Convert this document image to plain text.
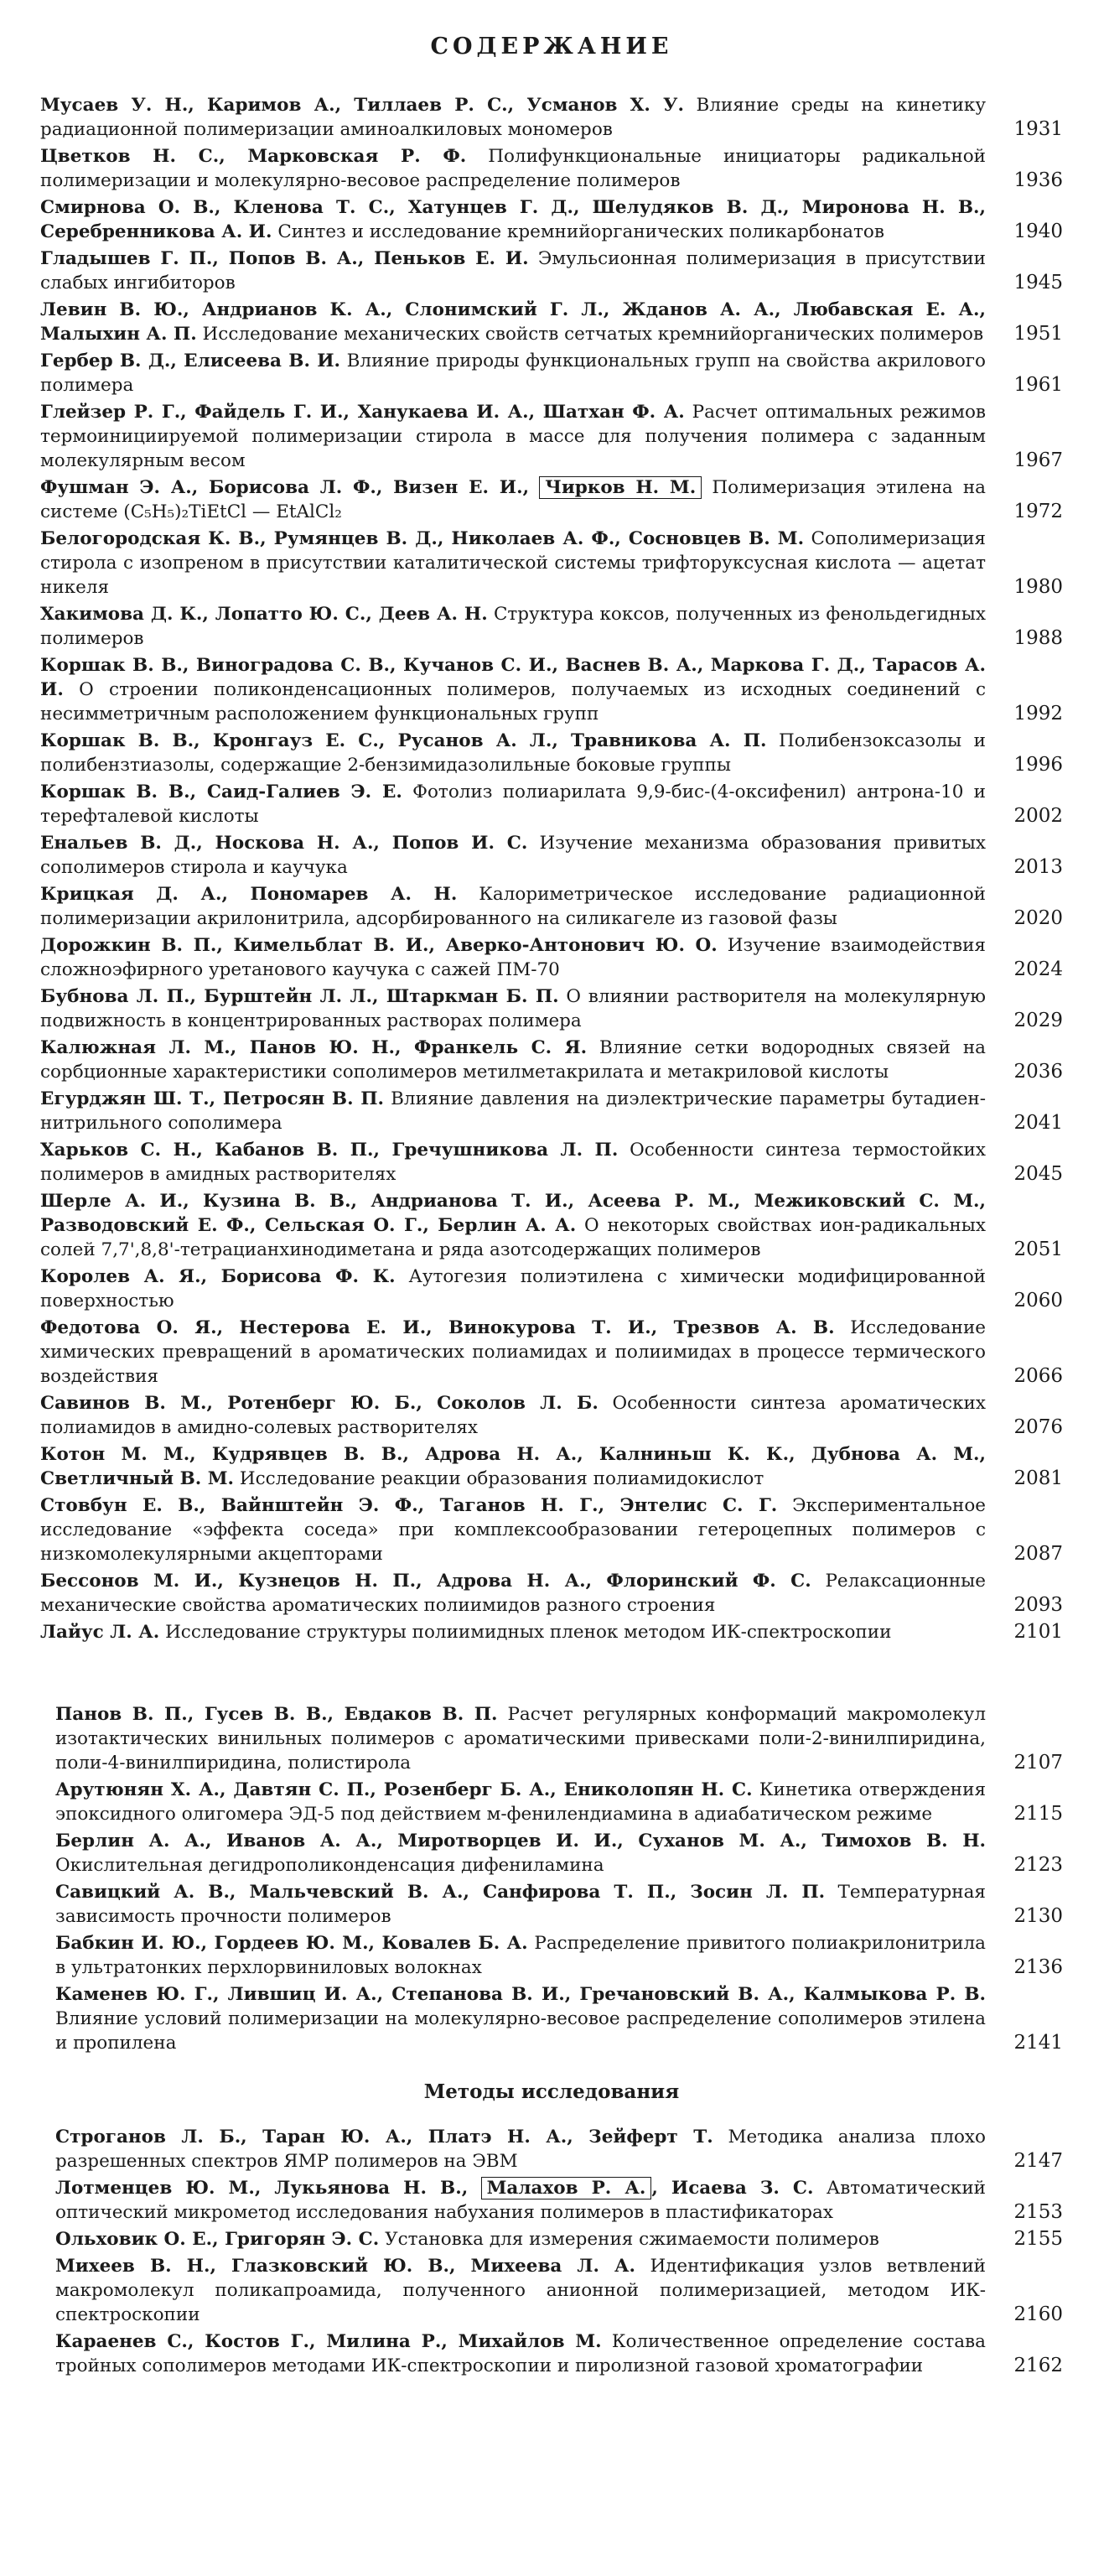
СОДЕРЖАНИЕ
Мусаев У. Н., Каримов А., Тиллаев Р. С., Усманов Х. У. Влияние среды на кинетику радиационной полимеризации аминоалкиловых мономеров	1931
Цветков Н. С., Марковская Р. Ф. Полифункциональные инициаторы радикальной полимеризации и молекулярно-весовое распределение полимеров	1936
Смирнова О. В., Кленова Т. С., Хатунцев Г. Д., Шелудяков В. Д., Миронова Н. В., Серебренникова А. И. Синтез и исследование кремнийорганических поликарбонатов	1940
Гладышев Г. П., Попов В. А., Пеньков Е. И. Эмульсионная полимеризация в присутствии слабых ингибиторов	1945
Левин В. Ю., Андрианов К. А., Слонимский Г. Л., Жданов А. А., Любавская Е. А., Малыхин А. П. Исследование механических свойств сетчатых кремнийорганических полимеров	1951
Гербер В. Д., Елисеева В. И. Влияние природы функциональных групп на свойства акрилового полимера	1961
Глейзер Р. Г., Файдель Г. И., Ханукаева И. А., Шатхан Ф. А. Расчет оптимальных режимов термоинициируемой полимеризации стирола в массе для получения полимера с заданным молекулярным весом	1967
Фушман Э. А., Борисова Л. Ф., Визен Е. И., Чирков Н. М. Полимеризация этилена на системе (C₅H₅)₂TiEtCl — EtAlCl₂	1972
Белогородская К. В., Румянцев В. Д., Николаев А. Ф., Сосновцев В. М. Сополимеризация стирола с изопреном в присутствии каталитической системы трифторуксусная кислота — ацетат никеля	1980
Хакимова Д. К., Лопатто Ю. С., Деев А. Н. Структура коксов, полученных из фенольдегидных полимеров	1988
Коршак В. В., Виноградова С. В., Кучанов С. И., Васнев В. А., Маркова Г. Д., Тарасов А. И. О строении поликонденсационных полимеров, получаемых из исходных соединений с несимметричным расположением функциональных групп	1992
Коршак В. В., Кронгауз Е. С., Русанов А. Л., Травникова А. П. Полибензоксазолы и полибензтиазолы, содержащие 2-бензимидазолильные боковые группы	1996
Коршак В. В., Саид-Галиев Э. Е. Фотолиз полиарилата 9,9-бис-(4-оксифенил) антрона-10 и терефталевой кислоты	2002
Енальев В. Д., Носкова Н. А., Попов И. С. Изучение механизма образования привитых сополимеров стирола и каучука	2013
Крицкая Д. А., Пономарев А. Н. Калориметрическое исследование радиационной полимеризации акрилонитрила, адсорбированного на силикагеле из газовой фазы	2020
Дорожкин В. П., Кимельблат В. И., Аверко-Антонович Ю. О. Изучение взаимодействия сложноэфирного уретанового каучука с сажей ПМ-70	2024
Бубнова Л. П., Бурштейн Л. Л., Штаркман Б. П. О влиянии растворителя на молекулярную подвижность в концентрированных растворах полимера	2029
Калюжная Л. М., Панов Ю. Н., Франкель С. Я. Влияние сетки водородных связей на сорбционные характеристики сополимеров метилметакрилата и метакриловой кислоты	2036
Егурджян Ш. Т., Петросян В. П. Влияние давления на диэлектрические параметры бутадиен-нитрильного сополимера	2041
Харьков С. Н., Кабанов В. П., Гречушникова Л. П. Особенности синтеза термостойких полимеров в амидных растворителях	2045
Шерле А. И., Кузина В. В., Андрианова Т. И., Асеева Р. М., Межиковский С. М., Разводовский Е. Ф., Сельская О. Г., Берлин А. А. О некоторых свойствах ион-радикальных солей 7,7',8,8'-тетрацианхинодиметана и ряда азотсодержащих полимеров	2051
Королев А. Я., Борисова Ф. К. Аутогезия полиэтилена с химически модифицированной поверхностью	2060
Федотова О. Я., Нестерова Е. И., Винокурова Т. И., Трезвов А. В. Исследование химических превращений в ароматических полиамидах и полиимидах в процессе термического воздействия	2066
Савинов В. М., Ротенберг Ю. Б., Соколов Л. Б. Особенности синтеза ароматических полиамидов в амидно-солевых растворителях	2076
Котон М. М., Кудрявцев В. В., Адрова Н. А., Калниньш К. К., Дубнова А. М., Светличный В. М. Исследование реакции образования полиамидокислот	2081
Стовбун Е. В., Вайнштейн Э. Ф., Таганов Н. Г., Энтелис С. Г. Экспериментальное исследование «эффекта соседа» при комплексообразовании гетероцепных полимеров с низкомолекулярными акцепторами	2087
Бессонов М. И., Кузнецов Н. П., Адрова Н. А., Флоринский Ф. С. Релаксационные механические свойства ароматических полиимидов разного строения	2093
Лайус Л. А. Исследование структуры полиимидных пленок методом ИК-спектроскопии	2101
Панов В. П., Гусев В. В., Евдаков В. П. Расчет регулярных конформаций макромолекул изотактических винильных полимеров с ароматическими привесками поли-2-винилпиридина, поли-4-винилпиридина, полистирола	2107
Арутюнян Х. А., Давтян С. П., Розенберг Б. А., Ениколопян Н. С. Кинетика отверждения эпоксидного олигомера ЭД-5 под действием м-фенилендиамина в адиабатическом режиме	2115
Берлин А. А., Иванов А. А., Миротворцев И. И., Суханов М. А., Тимохов В. Н. Окислительная дегидрополиконденсация дифениламина	2123
Савицкий А. В., Мальчевский В. А., Санфирова Т. П., Зосин Л. П. Температурная зависимость прочности полимеров	2130
Бабкин И. Ю., Гордеев Ю. М., Ковалев Б. А. Распределение привитого полиакрилонитрила в ультратонких перхлорвиниловых волокнах	2136
Каменев Ю. Г., Лившиц И. А., Степанова В. И., Гречановский В. А., Калмыкова Р. В. Влияние условий полимеризации на молекулярно-весовое распределение сополимеров этилена и пропилена	2141
Методы исследования
Строганов Л. Б., Таран Ю. А., Платэ Н. А., Зейферт Т. Методика анализа плохо разрешенных спектров ЯМР полимеров на ЭВМ	2147
Лотменцев Ю. М., Лукьянова Н. В., Малахов Р. А. , Исаева З. С. Автоматический оптический микрометод исследования набухания полимеров в пластификаторах	2153
Ольховик О. Е., Григорян Э. С. Установка для измерения сжимаемости полимеров	2155
Михеев В. Н., Глазковский Ю. В., Михеева Л. А. Идентификация узлов ветвлений макромолекул поликапроамида, полученного анионной полимеризацией, методом ИК-спектроскопии	2160
Караенев С., Костов Г., Милина Р., Михайлов М. Количественное определение состава тройных сополимеров методами ИК-спектроскопии и пиролизной газовой хроматографии	2162
